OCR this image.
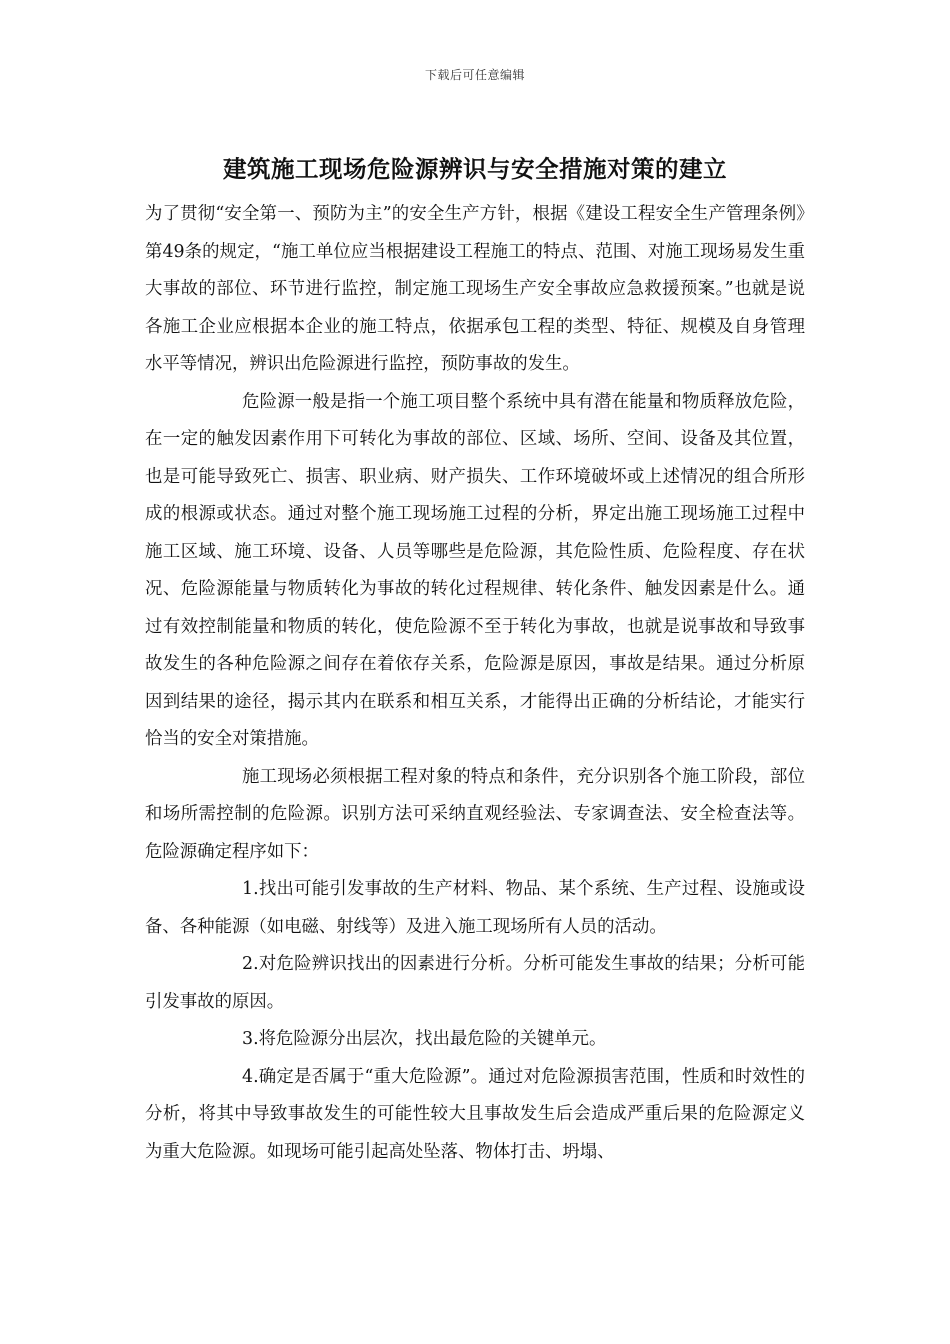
下载后可任意编辑
建筑施工现场危险源辨识与安全措施对策的建立

为了贯彻“安全第一、预防为主”的安全生产方针，根据《建设工程安全生产管理条例》第49条的规定，“施工单位应当根据建设工程施工的特点、范围、对施工现场易发生重大事故的部位、环节进行监控，制定施工现场生产安全事故应急救援预案。”也就是说各施工企业应根据本企业的施工特点，依据承包工程的类型、特征、规模及自身管理水平等情况，辨识出危险源进行监控，预防事故的发生。

危险源一般是指一个施工项目整个系统中具有潜在能量和物质释放危险，在一定的触发因素作用下可转化为事故的部位、区域、场所、空间、设备及其位置，也是可能导致死亡、损害、职业病、财产损失、工作环境破坏或上述情况的组合所形成的根源或状态。通过对整个施工现场施工过程的分析，界定出施工现场施工过程中施工区域、施工环境、设备、人员等哪些是危险源，其危险性质、危险程度、存在状况、危险源能量与物质转化为事故的转化过程规律、转化条件、触发因素是什么。通过有效控制能量和物质的转化，使危险源不至于转化为事故，也就是说事故和导致事故发生的各种危险源之间存在着依存关系，危险源是原因，事故是结果。通过分析原因到结果的途径，揭示其内在联系和相互关系，才能得出正确的分析结论，才能实行恰当的安全对策措施。

施工现场必须根据工程对象的特点和条件，充分识别各个施工阶段，部位和场所需控制的危险源。识别方法可采纳直观经验法、专家调查法、安全检查法等。危险源确定程序如下：

1.找出可能引发事故的生产材料、物品、某个系统、生产过程、设施或设备、各种能源（如电磁、射线等）及进入施工现场所有人员的活动。

2.对危险辨识找出的因素进行分析。分析可能发生事故的结果；分析可能引发事故的原因。

3.将危险源分出层次，找出最危险的关键单元。

4.确定是否属于“重大危险源”。通过对危险源损害范围，性质和时效性的分析，将其中导致事故发生的可能性较大且事故发生后会造成严重后果的危险源定义为重大危险源。如现场可能引起高处坠落、物体打击、坍塌、
